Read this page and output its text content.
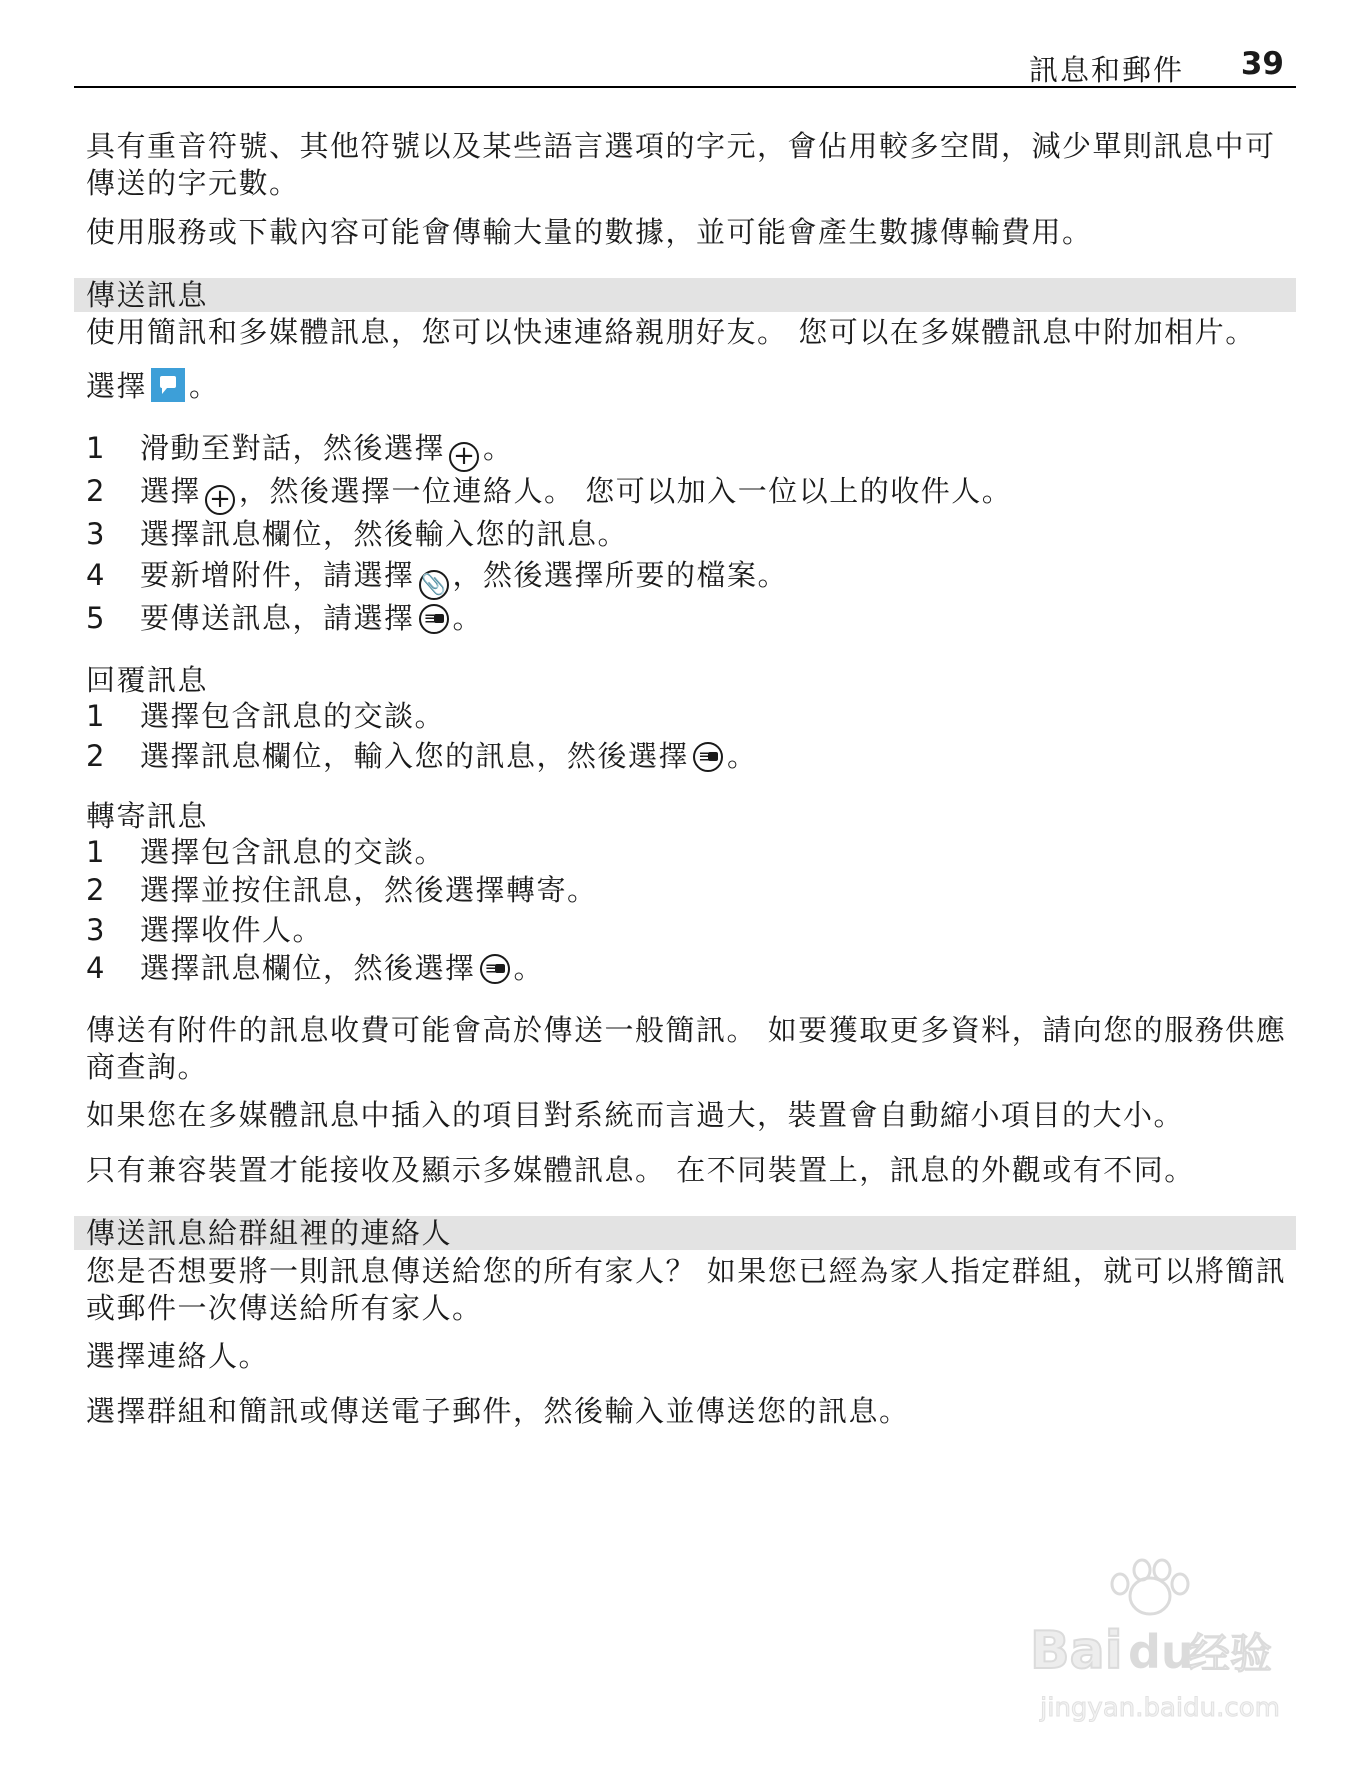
訊息和郵件 39
具有重音符號、其他符號以及某些語言選項的字元，會佔用較多空間，減少單則訊息中可傳送的字元數。
使用服務或下載內容可能會傳輸大量的數據，並可能會產生數據傳輸費用。
傳送訊息
使用簡訊和多媒體訊息，您可以快速連絡親朋好友。 您可以在多媒體訊息中附加相片。
選擇 。
1	滑動至對話，然後選擇 + 。
2	選擇 + ，然後選擇一位連絡人。 您可以加入一位以上的收件人。
3	選擇訊息欄位，然後輸入您的訊息。
4	要新增附件，請選擇 📎 ，然後選擇所要的檔案。
5	要傳送訊息，請選擇 ≡ 。
回覆訊息
1	選擇包含訊息的交談。
2	選擇訊息欄位，輸入您的訊息，然後選擇 ≡ 。
轉寄訊息
1	選擇包含訊息的交談。
2	選擇並按住訊息，然後選擇轉寄。
3	選擇收件人。
4	選擇訊息欄位，然後選擇 ≡ 。
傳送有附件的訊息收費可能會高於傳送一般簡訊。 如要獲取更多資料，請向您的服務供應商查詢。
如果您在多媒體訊息中插入的項目對系統而言過大，裝置會自動縮小項目的大小。
只有兼容裝置才能接收及顯示多媒體訊息。 在不同裝置上，訊息的外觀或有不同。
傳送訊息給群組裡的連絡人
您是否想要將一則訊息傳送給您的所有家人？ 如果您已經為家人指定群組，就可以將簡訊或郵件一次傳送給所有家人。
選擇連絡人。
選擇群組和簡訊或傳送電子郵件，然後輸入並傳送您的訊息。
Bai du
经验
jingyan.baidu.com
